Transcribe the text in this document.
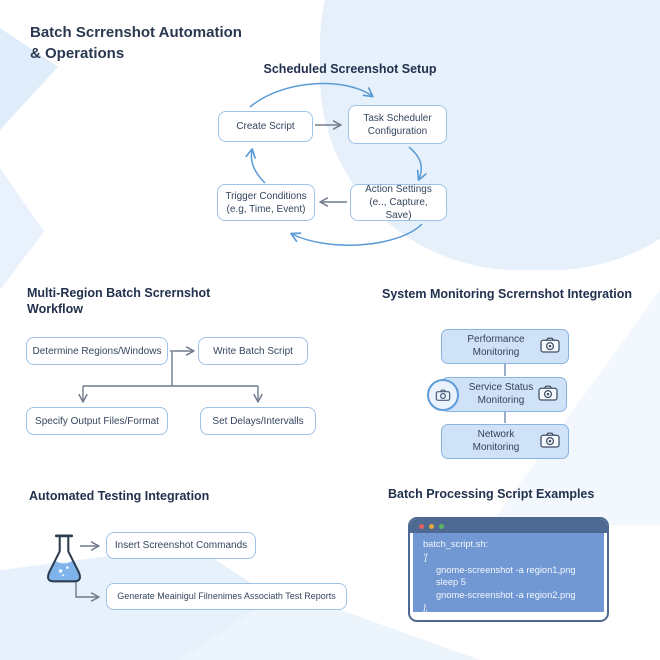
Batch Scrrenshot Automation
& Operations
Scheduled Screenshot Setup
Create Script
Task Scheduler
Configuration
Trigger Conditions
(e.g, Time, Event)
Action Settings
(e.., Capture, Save)
Multi-Region Batch Scrernshot
Workflow
Determine Regions/Windows	Write Batch Script
Specify Output Files/Format	Set Delays/Intervalls
System Monitoring Scrernshot Integration
Performance
Monitoring
Service Status
Monitoring
Network
Monitoring
Automated Testing Integration
Insert Screenshot Commands
Generate Meainigul Filnenimes Associath Test Reports
Batch Processing Script Examples
batch_script.sh:
'[
gnome-screenshot -a region1,png
sleep 5
gnome-screenshot -a region2.png
],
